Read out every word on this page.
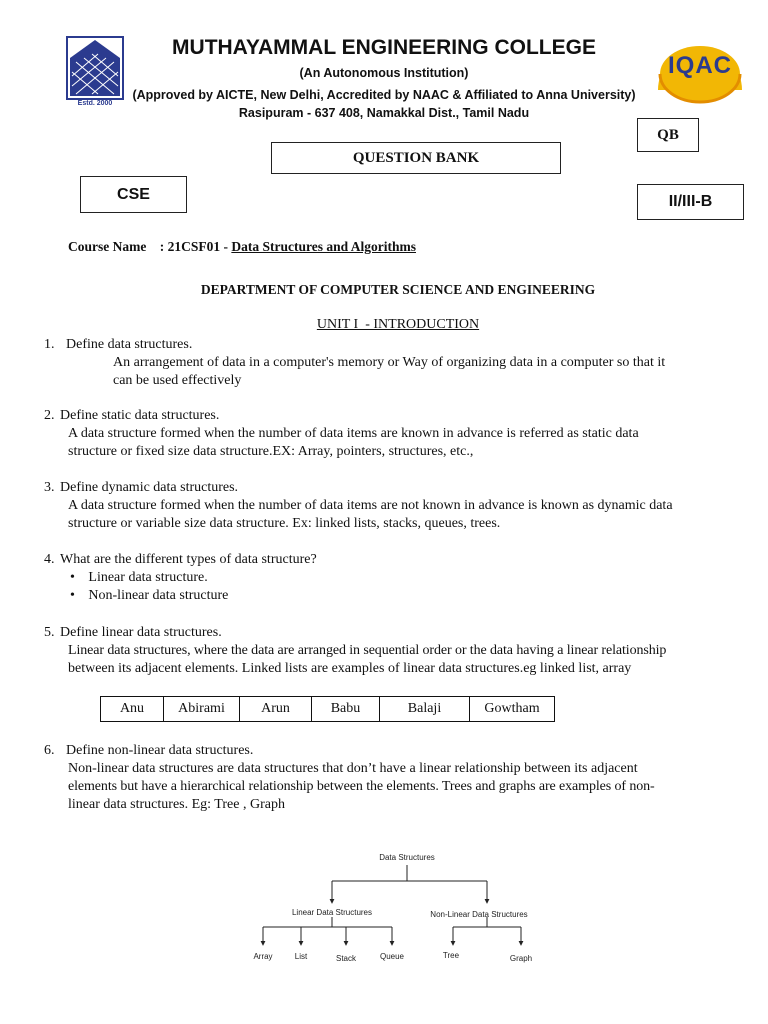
Estd. 2000
MUTHAYAMMAL ENGINEERING COLLEGE
(An Autonomous Institution)
(Approved by AICTE, New Delhi, Accredited by NAAC & Affiliated to Anna University)
Rasipuram - 637 408, Namakkal Dist., Tamil Nadu
IQAC
QB
QUESTION BANK
CSE	II/III-B
Course Name : 21CSF01 - Data Structures and Algorithms
DEPARTMENT OF COMPUTER SCIENCE AND ENGINEERING
UNIT I  - INTRODUCTION
1. Define data structures.
An arrangement of data in a computer's memory or Way of organizing data in a computer so that it
can be used effectively
2. Define static data structures.
A data structure formed when the number of data items are known in advance is referred as static data
structure or fixed size data structure.EX: Array, pointers, structures, etc.,
3. Define dynamic data structures.
A data structure formed when the number of data items are not known in advance is known as dynamic data
structure or variable size data structure. Ex: linked lists, stacks, queues, trees.
4. What are the different types of data structure?
• Linear data structure.
• Non-linear data structure
5. Define linear data structures.
Linear data structures, where the data are arranged in sequential order or the data having a linear relationship
between its adjacent elements. Linked lists are examples of linear data structures.eg linked list, array
Anu	Abirami	Arun	Babu	Balaji	Gowtham
6. Define non-linear data structures.
Non-linear data structures are data structures that don’t have a linear relationship between its adjacent
elements but have a hierarchical relationship between the elements. Trees and graphs are examples of non-
linear data structures. Eg: Tree , Graph
Data Structures
Linear Data Structures	Non-Linear Data Structures
Array	List	Stack	Queue	Tree	Graph
